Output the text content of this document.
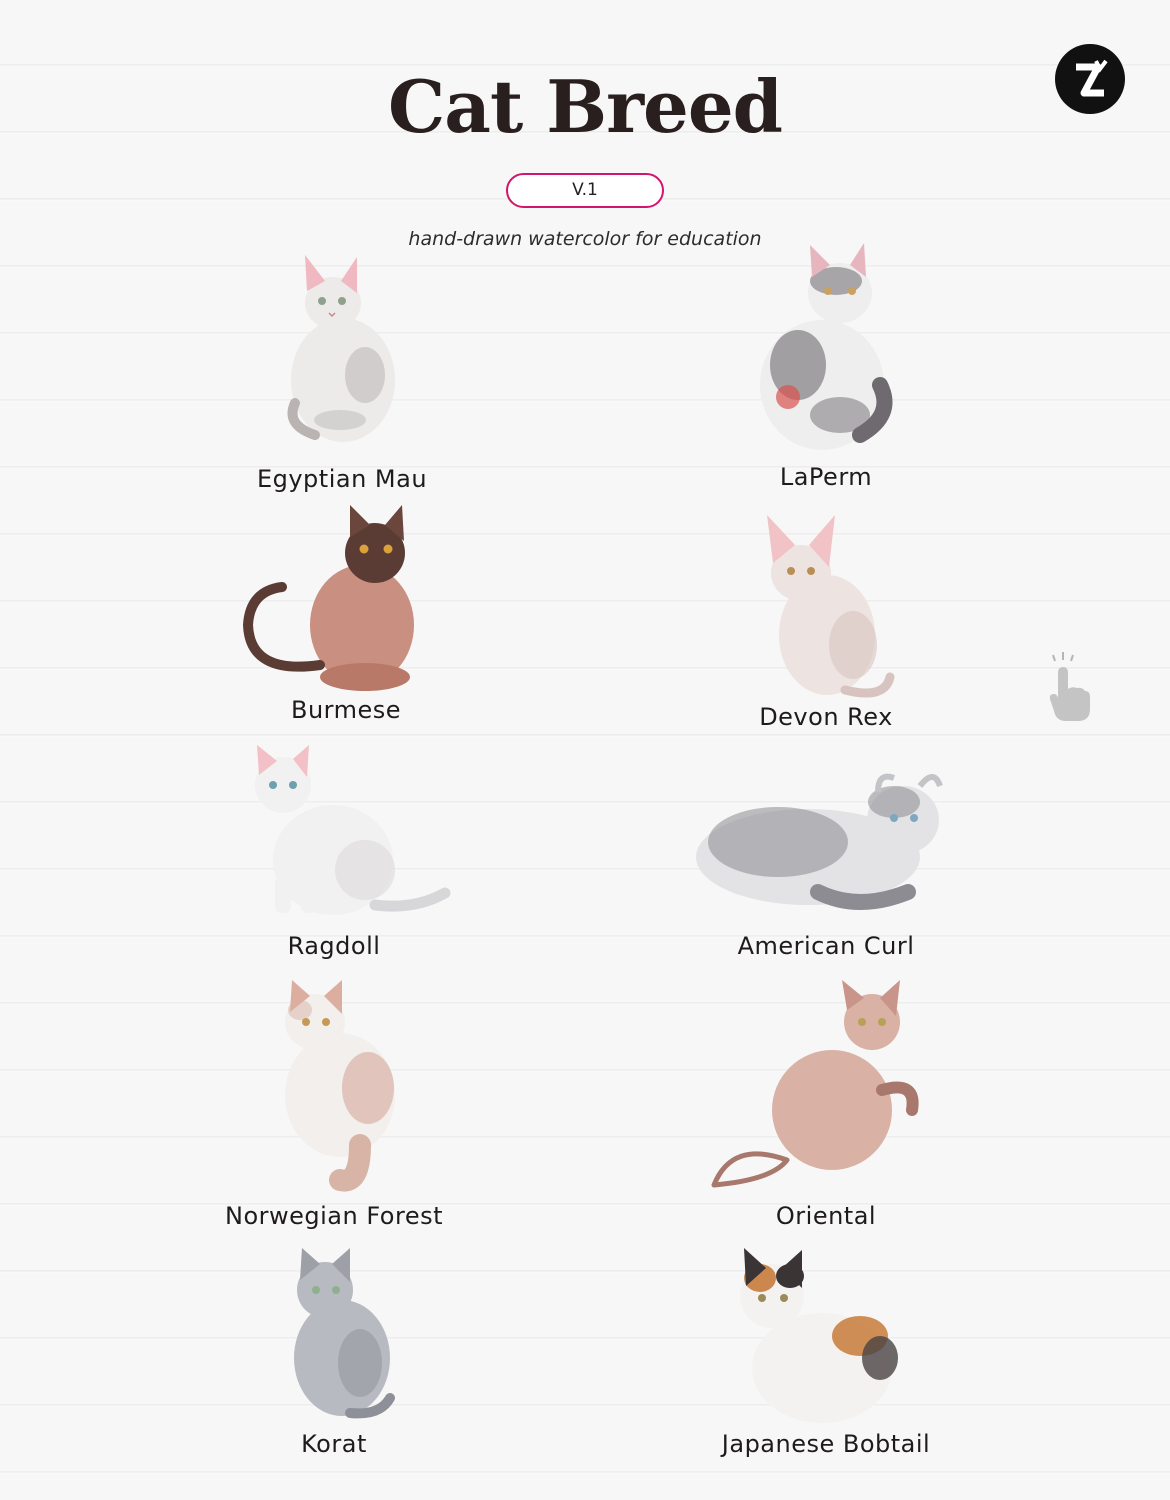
Cat Breed
V.1
hand-drawn watercolor for education
Egyptian Mau	LaPerm
Burmese	Devon Rex
Ragdoll	American Curl
Norwegian Forest	Oriental
Korat	Japanese Bobtail
